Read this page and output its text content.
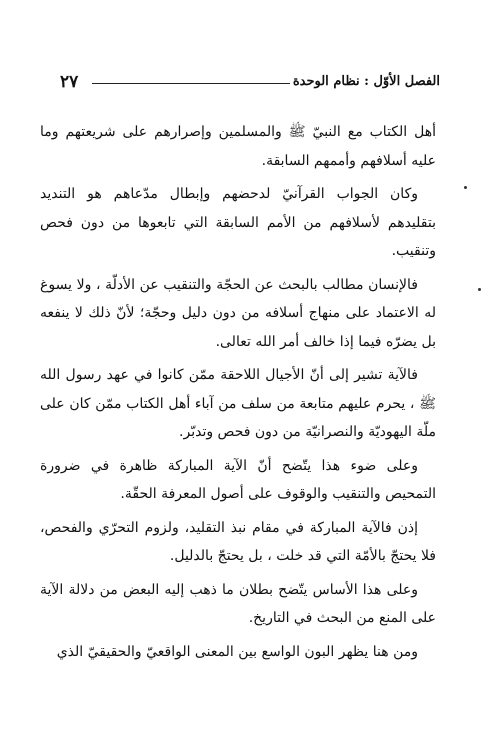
الفصل الأوّل : نظام الوحدة
٢٧

أهل الكتاب مع النبيّ ﷺ والمسلمين وإصرارهم على شريعتهم وما عليه أسلافهم وأممهم السابقة.

وكان الجواب القرآنيّ لدحضهم وإبطال مدّعاهم هو التنديد بتقليدهم لأسلافهم من الأمم السابقة التي تابعوها من دون فحص وتنقيب.

فالإنسان مطالب بالبحث عن الحجّة والتنقيب عن الأدلّة ، ولا يسوغ له الاعتماد على منهاج أسلافه من دون دليل وحجّة؛ لأنّ ذلك لا ينفعه بل يضرّه فيما إذا خالف أمر الله تعالى.

فالآية تشير إلى أنّ الأجيال اللاحقة ممّن كانوا في عهد رسول الله ﷺ ، يحرم عليهم متابعة من سلف من آباء أهل الكتاب ممّن كان على ملّة اليهوديّة والنصرانيّة من دون فحص وتدبّر.

وعلى ضوء هذا يتّضح أنّ الآية المباركة ظاهرة في ضرورة التمحيص والتنقيب والوقوف على أصول المعرفة الحقّة.

إذن فالآية المباركة في مقام نبذ التقليد، ولزوم التحرّي والفحص، فلا يحتجّ بالأمّة التي قد خلت ، بل يحتجّ بالدليل.

وعلى هذا الأساس يتّضح بطلان ما ذهب إليه البعض من دلالة الآية على المنع من البحث في التاريخ.

ومن هنا يظهر البون الواسع بين المعنى الواقعيّ والحقيقيّ الذي
